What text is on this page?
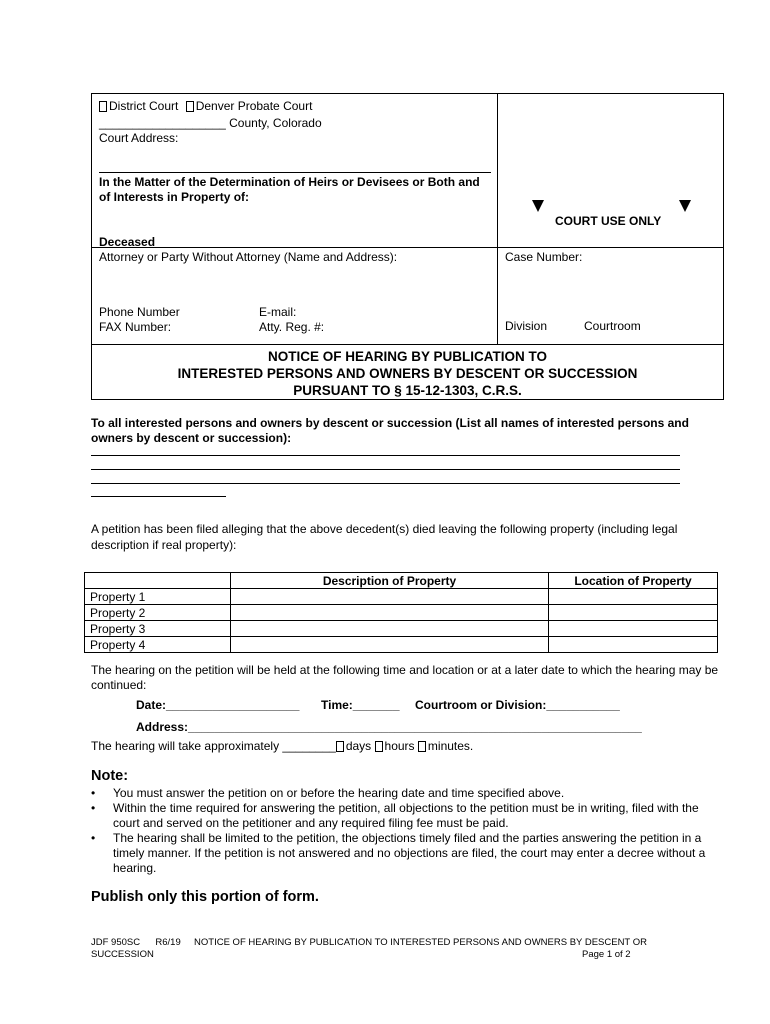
District Court Denver Probate Court
___________________ County, Colorado
Court Address:
In the Matter of the Determination of Heirs or Devisees or Both and of Interests in Property of:
Deceased
COURT USE ONLY
Attorney or Party Without Attorney (Name and Address):
Phone Number	E-mail:
FAX Number:	Atty. Reg. #:
Case Number:
Division	Courtroom
NOTICE OF HEARING BY PUBLICATION TO
INTERESTED PERSONS AND OWNERS BY DESCENT OR SUCCESSION
PURSUANT TO § 15-12-1303, C.R.S.
To all interested persons and owners by descent or succession (List all names of interested persons and owners by descent or succession):
A petition has been filed alleging that the above decedent(s) died leaving the following property (including legal description if real property):
	Description of Property	Location of Property
Property 1		
Property 2		
Property 3		
Property 4		
The hearing on the petition will be held at the following time and location or at a later date to which the hearing may be continued:
Date:____________________ Time:_______ Courtroom or Division:___________
Address:____________________________________________________________________
The hearing will take approximately ________ days hours minutes.
Note:
• You must answer the petition on or before the hearing date and time specified above.
• Within the time required for answering the petition, all objections to the petition must be in writing, filed with the court and served on the petitioner and any required filing fee must be paid.
• The hearing shall be limited to the petition, the objections timely filed and the parties answering the petition in a timely manner. If the petition is not answered and no objections are filed, the court may enter a decree without a hearing.
Publish only this portion of form.
JDF 950SC R6/19 NOTICE OF HEARING BY PUBLICATION TO INTERESTED PERSONS AND OWNERS BY DESCENT OR
SUCCESSION	Page 1 of 2
